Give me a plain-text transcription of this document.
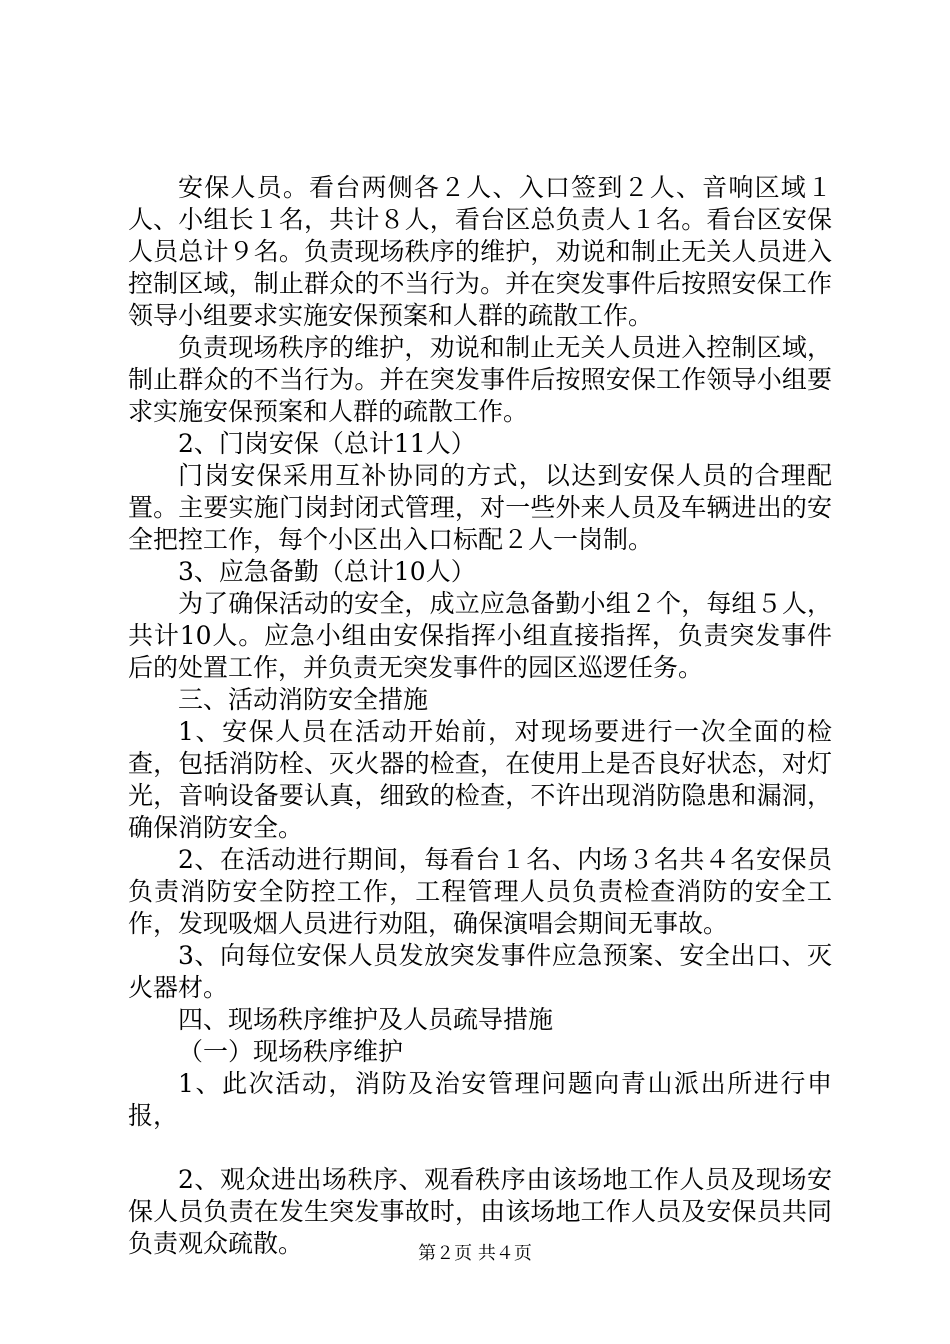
安保人员。看台两侧各２人、入口签到２人、音响区域１人、小组长１名，共计８人，看台区总负责人１名。看台区安保人员总计９名。负责现场秩序的维护，劝说和制止无关人员进入控制区域，制止群众的不当行为。并在突发事件后按照安保工作领导小组要求实施安保预案和人群的疏散工作。

负责现场秩序的维护，劝说和制止无关人员进入控制区域，制止群众的不当行为。并在突发事件后按照安保工作领导小组要求实施安保预案和人群的疏散工作。

2、门岗安保（总计11人）

门岗安保采用互补协同的方式，以达到安保人员的合理配置。主要实施门岗封闭式管理，对一些外来人员及车辆进出的安全把控工作，每个小区出入口标配２人一岗制。

3、应急备勤（总计10人）

为了确保活动的安全，成立应急备勤小组２个，每组５人，共计10人。应急小组由安保指挥小组直接指挥，负责突发事件后的处置工作，并负责无突发事件的园区巡逻任务。

三、活动消防安全措施

1、安保人员在活动开始前，对现场要进行一次全面的检查，包括消防栓、灭火器的检查，在使用上是否良好状态，对灯光，音响设备要认真，细致的检查，不许出现消防隐患和漏洞，确保消防安全。

2、在活动进行期间，每看台１名、内场３名共４名安保员负责消防安全防控工作，工程管理人员负责检查消防的安全工作，发现吸烟人员进行劝阻，确保演唱会期间无事故。

3、向每位安保人员发放突发事件应急预案、安全出口、灭火器材。

四、现场秩序维护及人员疏导措施

（一）现场秩序维护

1、此次活动，消防及治安管理问题向青山派出所进行申报，

2、观众进出场秩序、观看秩序由该场地工作人员及现场安保人员负责在发生突发事故时，由该场地工作人员及安保员共同负责观众疏散。	第２页 共４页
